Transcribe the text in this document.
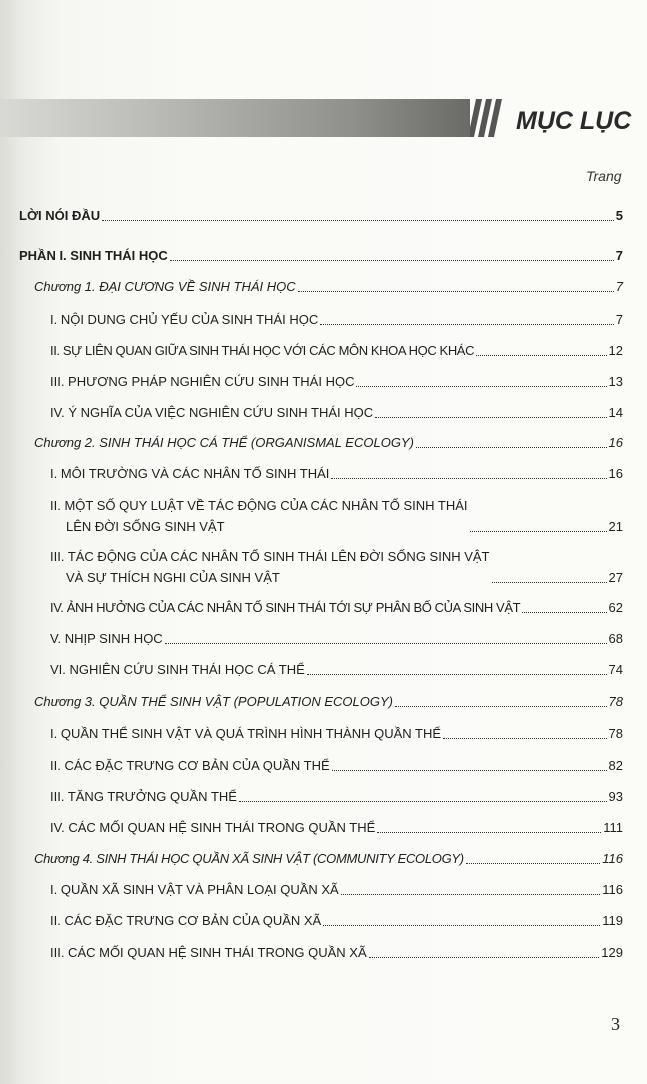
MỤC LỤC
Trang
LỜI NÓI ĐẦU	5
PHẦN I. SINH THÁI HỌC	7
Chương 1. ĐẠI CƯƠNG VỀ SINH THÁI HỌC	7
I. NỘI DUNG CHỦ YẾU CỦA SINH THÁI HỌC	7
II. SỰ LIÊN QUAN GIỮA SINH THÁI HỌC VỚI CÁC MÔN KHOA HỌC KHÁC	12
III. PHƯƠNG PHÁP NGHIÊN CỨU SINH THÁI HỌC	13
IV. Ý NGHĨA CỦA VIỆC NGHIÊN CỨU SINH THÁI HỌC	14
Chương 2. SINH THÁI HỌC CÁ THỂ (ORGANISMAL ECOLOGY)	16
I. MÔI TRƯỜNG VÀ CÁC NHÂN TỐ SINH THÁI	16
II. MỘT SỐ QUY LUẬT VỀ TÁC ĐỘNG CỦA CÁC NHÂN TỐ SINH THÁI
LÊN ĐỜI SỐNG SINH VẬT	21
III. TÁC ĐỘNG CỦA CÁC NHÂN TỐ SINH THÁI LÊN ĐỜI SỐNG SINH VẬT
VÀ SỰ THÍCH NGHI CỦA SINH VẬT	27
IV. ẢNH HƯỞNG CỦA CÁC NHÂN TỐ SINH THÁI TỚI SỰ PHÂN BỐ CỦA SINH VẬT	62
V. NHỊP SINH HỌC	68
VI. NGHIÊN CỨU SINH THÁI HỌC CÁ THỂ	74
Chương 3. QUẦN THỂ SINH VẬT (POPULATION ECOLOGY)	78
I. QUẦN THỂ SINH VẬT VÀ QUÁ TRÌNH HÌNH THÀNH QUẦN THỂ	78
II. CÁC ĐẶC TRƯNG CƠ BẢN CỦA QUẦN THỂ	82
III. TĂNG TRƯỞNG QUẦN THỂ	93
IV. CÁC MỐI QUAN HỆ SINH THÁI TRONG QUẦN THỂ	111
Chương 4. SINH THÁI HỌC QUẦN XÃ SINH VẬT (COMMUNITY ECOLOGY)	116
I. QUẦN XÃ SINH VẬT VÀ PHÂN LOẠI QUẦN XÃ	116
II. CÁC ĐẶC TRƯNG CƠ BẢN CỦA QUẦN XÃ	119
III. CÁC MỐI QUAN HỆ SINH THÁI TRONG QUẦN XÃ	129
3
